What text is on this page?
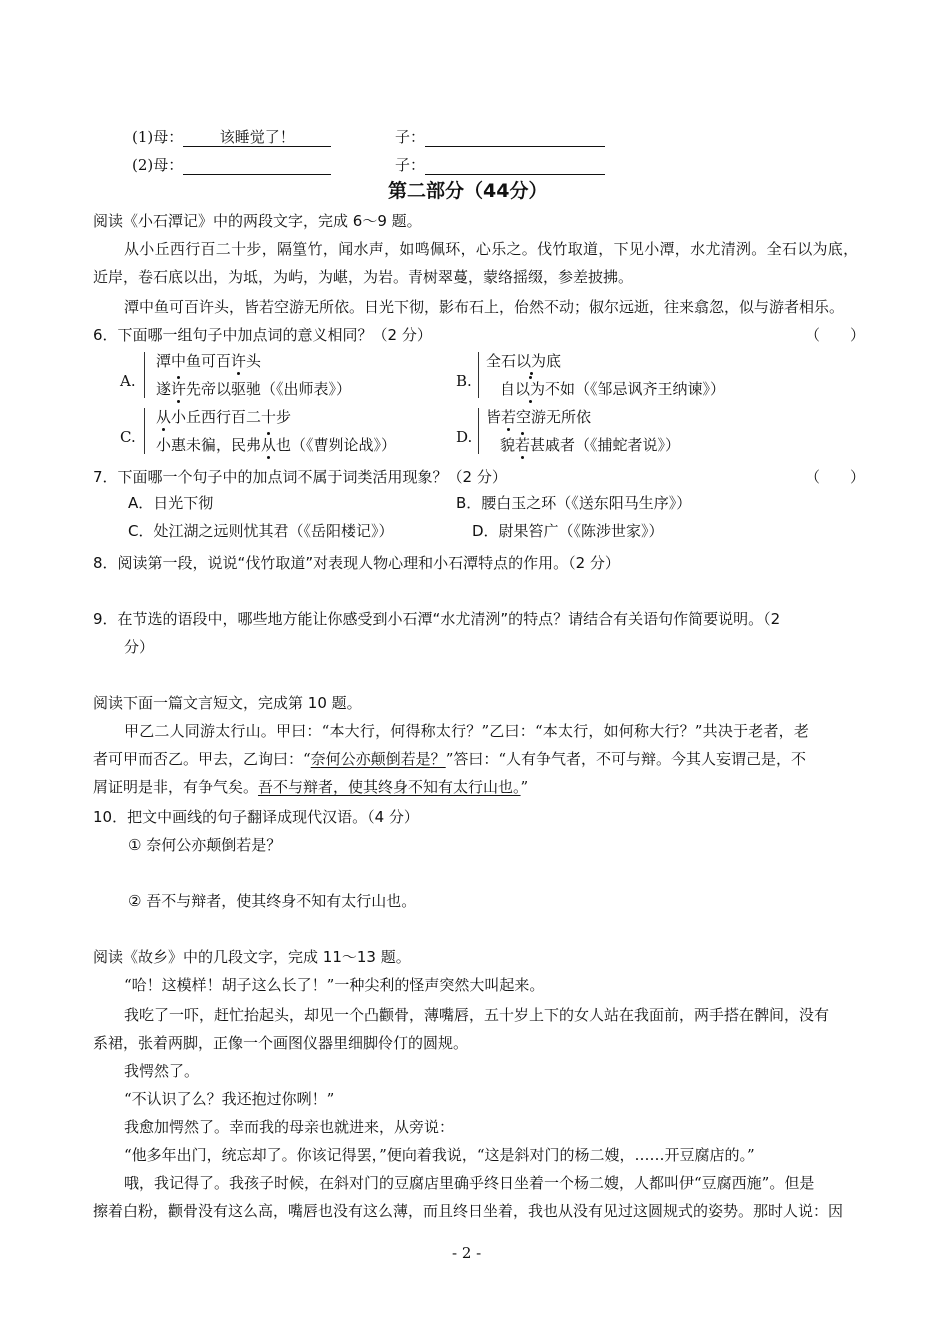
(1)母： 该睡觉了！	子：
(2)母：	子：
第二部分（44分）
阅读《小石潭记》中的两段文字，完成 6～9 题。
从小丘西行百二十步，隔篁竹，闻水声，如鸣佩环，心乐之。伐竹取道，下见小潭，水尤清洌。全石以为底，
近岸，卷石底以出，为坻，为屿，为嵁，为岩。青树翠蔓，蒙络摇缀，参差披拂。
潭中鱼可百许头，皆若空游无所依。日光下彻，影布石上，佁然不动；俶尔远逝，往来翕忽，似与游者相乐。
6．下面哪一组句子中加点词的意义相同？（2 分）	（　　）
A.
潭中鱼可百许头
遂许先帝以驱驰（《出师表》）	B.
全石以为底
自以为不如（《邹忌讽齐王纳谏》）
C.
从小丘西行百二十步
小惠未徧，民弗从也（《曹刿论战》）	D.
皆若空游无所依
貌若甚戚者（《捕蛇者说》）
7．下面哪一个句子中的加点词不属于词类活用现象？（2 分）	（　　）
A．日光下彻	B．腰白玉之环（《送东阳马生序》）
C．处江湖之远则忧其君（《岳阳楼记》）	D．尉果笞广（《陈涉世家》）
8．阅读第一段，说说“伐竹取道”对表现人物心理和小石潭特点的作用。（2 分）
9．在节选的语段中，哪些地方能让你感受到小石潭“水尤清洌”的特点？请结合有关语句作简要说明。（2
分）
阅读下面一篇文言短文，完成第 10 题。
甲乙二人同游太行山。甲曰：“本大行，何得称太行？”乙曰：“本太行，如何称大行？”共决于老者，老
者可甲而否乙。甲去，乙询曰：“奈何公亦颠倒若是？”答曰：“人有争气者，不可与辩。今其人妄谓己是，不
屑证明是非，有争气矣。吾不与辩者，使其终身不知有太行山也。”
10．把文中画线的句子翻译成现代汉语。（4 分）
① 奈何公亦颠倒若是？
② 吾不与辩者，使其终身不知有太行山也。
阅读《故乡》中的几段文字，完成 11～13 题。
“哈！这模样！胡子这么长了！”一种尖利的怪声突然大叫起来。
我吃了一吓，赶忙抬起头，却见一个凸颧骨，薄嘴唇，五十岁上下的女人站在我面前，两手搭在髀间，没有
系裙，张着两脚，正像一个画图仪器里细脚伶仃的圆规。
我愕然了。
“不认识了么？我还抱过你咧！”
我愈加愕然了。幸而我的母亲也就进来，从旁说：
“他多年出门，统忘却了。你该记得罢，”便向着我说，“这是斜对门的杨二嫂，……开豆腐店的。”
哦，我记得了。我孩子时候，在斜对门的豆腐店里确乎终日坐着一个杨二嫂，人都叫伊“豆腐西施”。但是
擦着白粉，颧骨没有这么高，嘴唇也没有这么薄，而且终日坐着，我也从没有见过这圆规式的姿势。那时人说：因
- 2 -
